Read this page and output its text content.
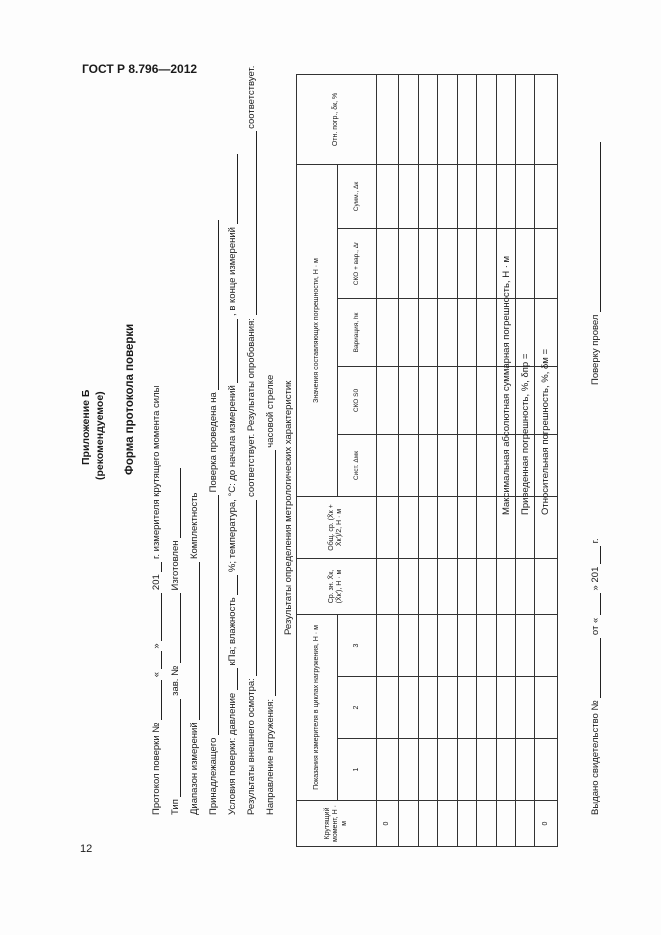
ГОСТ Р 8.796—2012
12
Приложение Б (рекомендуемое) Форма протокола поверки
Протокол поверки №  «  »  201  г. измерителя крутящего момента силы
Тип  зав. №  Изготовлен
Диапазон измерений  Комплектность
Принадлежащего  Поверка проведена на
Условия поверки: давление  кПа; влажность  %; температура, °С: до начала измерений  , в конце измерений
Результаты внешнего осмотра:  соответствует. Результаты опробования:  соответствует.
Направление нагружения:  часовой стрелке Результаты определения метрологических характеристик
Крутящий момент, Н · м	Показания измерителя в циклах нагружения, Н · м			Ср. зн. X̄к, (X̄к'), Н · м	Общ. ср. (X̄к + X̄к')/2, Н · м	Значения составляющих погрешности, Н · м					Отн. погр., δк, %
	1	2	3			Сист. Δмк	СКО S0	Вариация, hк	СКО + вар., Δr	Сумм., Δк	
0											

0											
Максимальная абсолютная суммарная погрешность, Н · м Приведенная погрешность, %, δпр = Относительная погрешность, %, δм =
Выдано свидетельство №  от «  » 201  г.
Поверку провел
